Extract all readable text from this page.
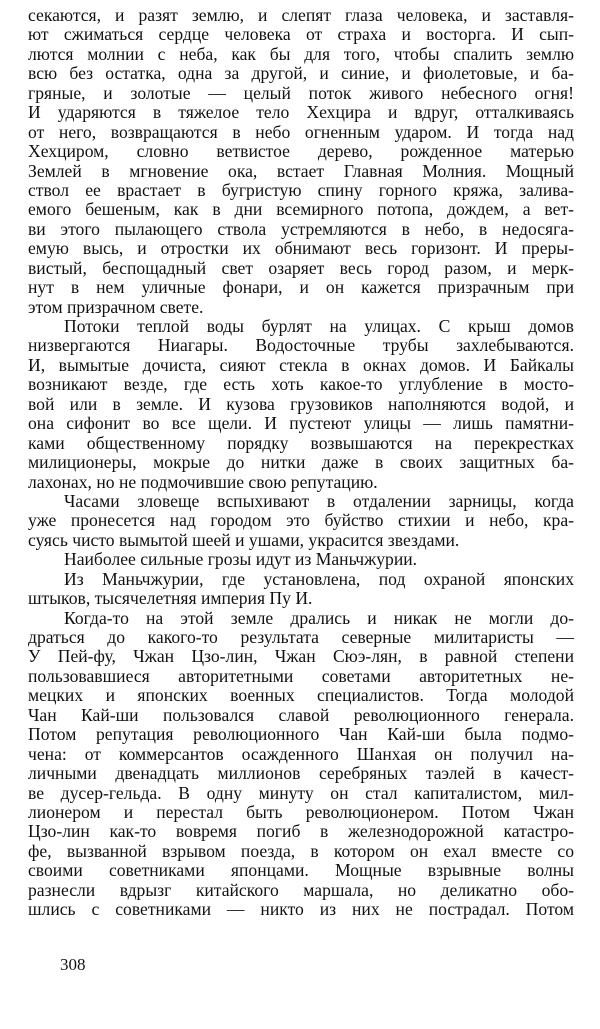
секаются, и разят землю, и слепят глаза человека, и заставля-
ют сжиматься сердце человека от страха и восторга. И сып-
лются молнии с неба, как бы для того, чтобы спалить землю
всю без остатка, одна за другой, и синие, и фиолетовые, и ба-
гряные, и золотые — целый поток живого небесного огня!
И ударяются в тяжелое тело Хехцира и вдруг, отталкиваясь
от него, возвращаются в небо огненным ударом. И тогда над
Хехциром, словно ветвистое дерево, рожденное матерью
Землей в мгновение ока, встает Главная Молния. Мощный
ствол ее врастает в бугристую спину горного кряжа, залива-
емого бешеным, как в дни всемирного потопа, дождем, а вет-
ви этого пылающего ствола устремляются в небо, в недосяга-
емую высь, и отростки их обнимают весь горизонт. И преры-
вистый, беспощадный свет озаряет весь город разом, и мерк-
нут в нем уличные фонари, и он кажется призрачным при
этом призрачном свете.
Потоки теплой воды бурлят на улицах. С крыш домов
низвергаются Ниагары. Водосточные трубы захлебываются.
И, вымытые дочиста, сияют стекла в окнах домов. И Байкалы
возникают везде, где есть хоть какое-то углубление в мосто-
вой или в земле. И кузова грузовиков наполняются водой, и
она сифонит во все щели. И пустеют улицы — лишь памятни-
ками общественному порядку возвышаются на перекрестках
милиционеры, мокрые до нитки даже в своих защитных ба-
лахонах, но не подмочившие свою репутацию.
Часами зловеще вспыхивают в отдалении зарницы, когда
уже пронесется над городом это буйство стихии и небо, кра-
суясь чисто вымытой шеей и ушами, украсится звездами.
Наиболее сильные грозы идут из Маньчжурии.
Из Маньчжурии, где установлена, под охраной японских
штыков, тысячелетняя империя Пу И.
Когда-то на этой земле дрались и никак не могли до-
драться до какого-то результата северные милитаристы —
У Пей-фу, Чжан Цзо-лин, Чжан Сюэ-лян, в равной степени
пользовавшиеся авторитетными советами авторитетных не-
мецких и японских военных специалистов. Тогда молодой
Чан Кай-ши пользовался славой революционного генерала.
Потом репутация революционного Чан Кай-ши была подмо-
чена: от коммерсантов осажденного Шанхая он получил на-
личными двенадцать миллионов серебряных таэлей в качест-
ве дусер-гельда. В одну минуту он стал капиталистом, мил-
лионером и перестал быть революционером. Потом Чжан
Цзо-лин как-то вовремя погиб в железнодорожной катастро-
фе, вызванной взрывом поезда, в котором он ехал вместе со
своими советниками японцами. Мощные взрывные волны
разнесли вдрызг китайского маршала, но деликатно обо-
шлись с советниками — никто из них не пострадал. Потом
308
